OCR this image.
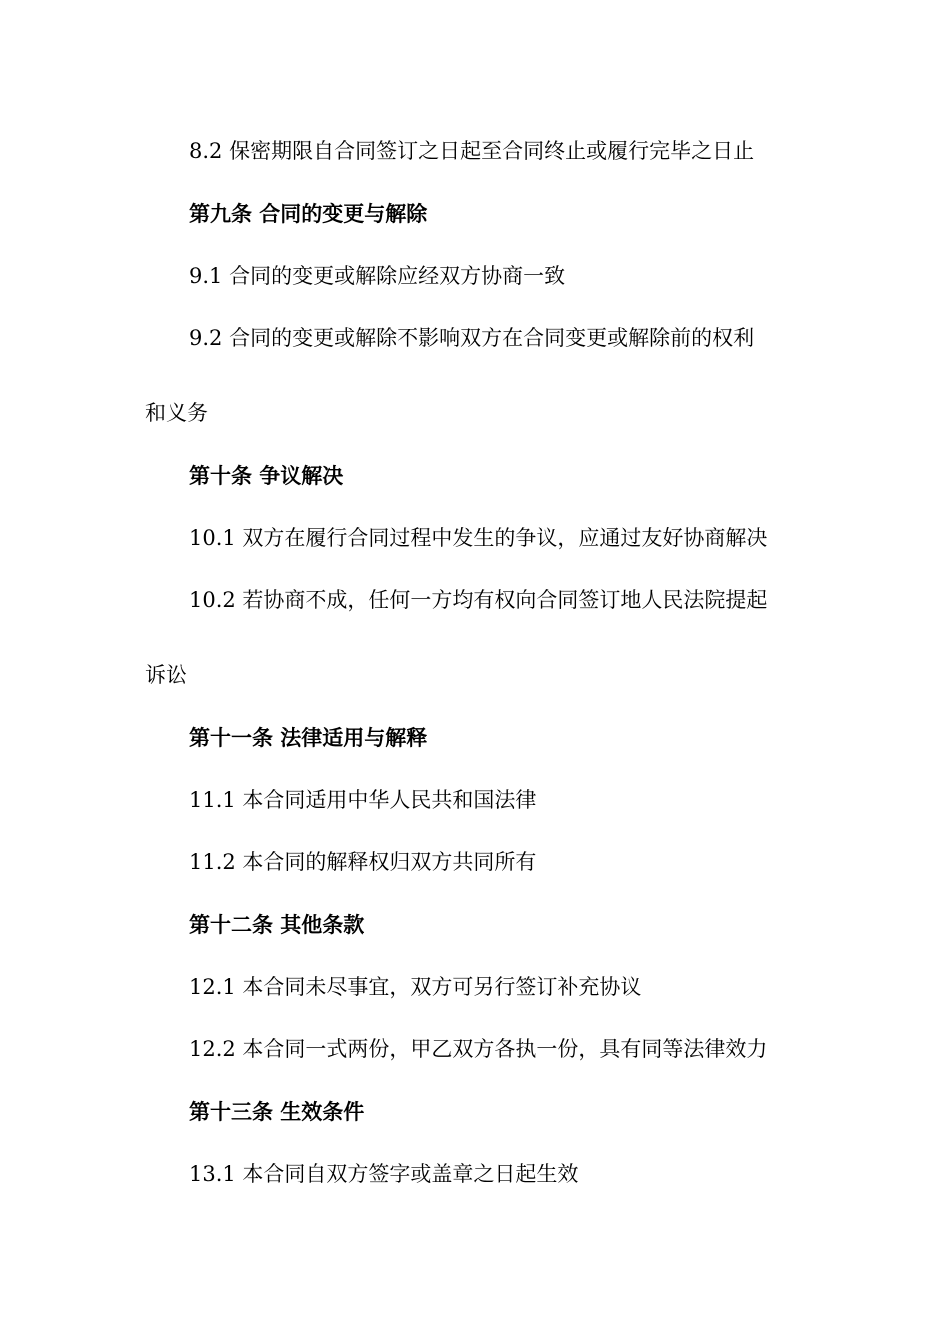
8.2 保密期限自合同签订之日起至合同终止或履行完毕之日止
第九条 合同的变更与解除
9.1 合同的变更或解除应经双方协商一致
9.2 合同的变更或解除不影响双方在合同变更或解除前的权利
和义务
第十条 争议解决
10.1 双方在履行合同过程中发生的争议，应通过友好协商解决
10.2 若协商不成，任何一方均有权向合同签订地人民法院提起
诉讼
第十一条 法律适用与解释
11.1 本合同适用中华人民共和国法律
11.2 本合同的解释权归双方共同所有
第十二条 其他条款
12.1 本合同未尽事宜，双方可另行签订补充协议
12.2 本合同一式两份，甲乙双方各执一份，具有同等法律效力
第十三条 生效条件
13.1 本合同自双方签字或盖章之日起生效
